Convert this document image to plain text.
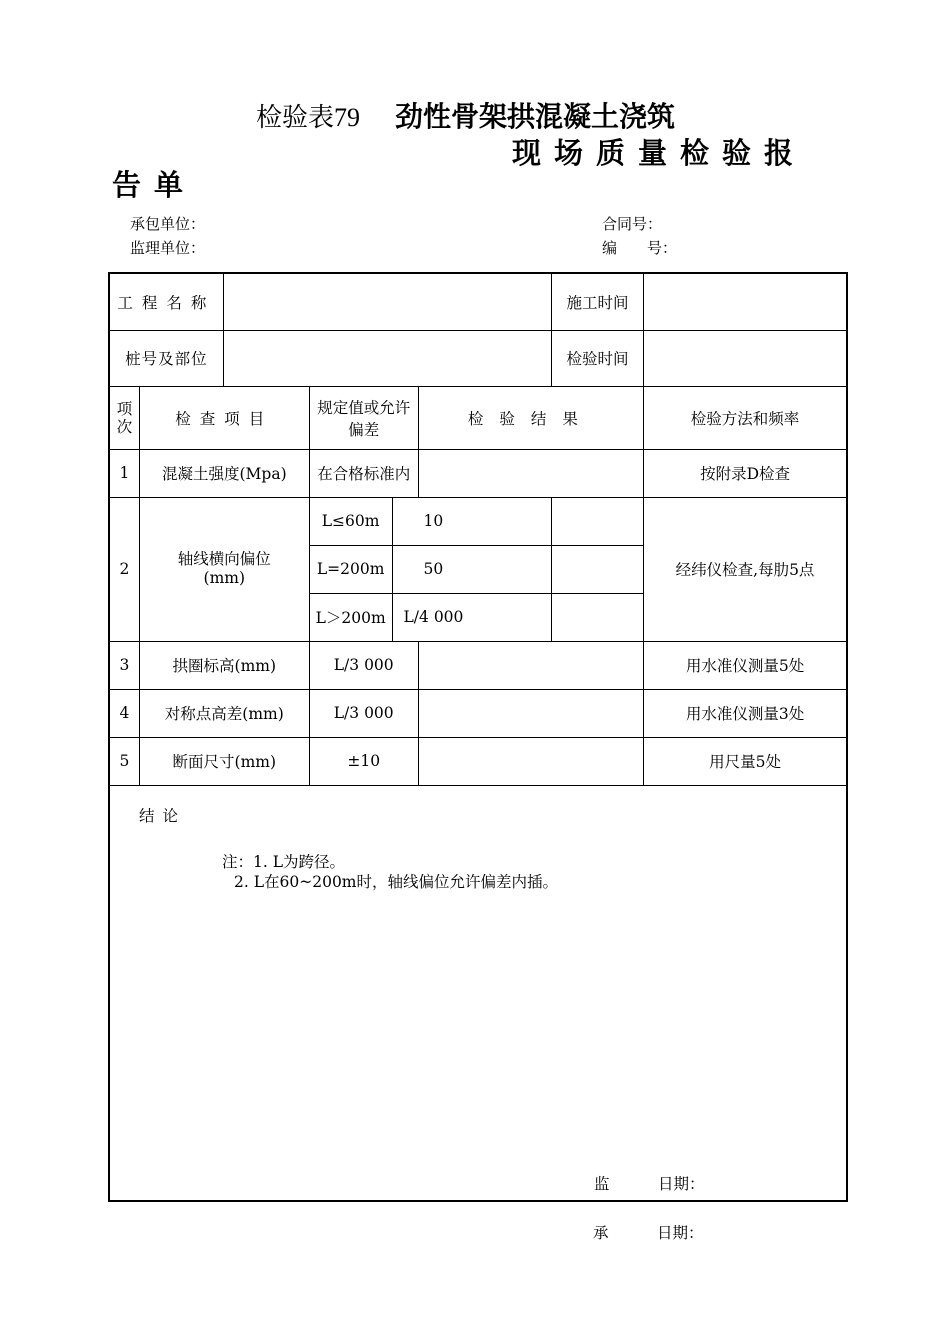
检验表79 劲性骨架拱混凝土浇筑
现场质量检验报
告单
承包单位：	合同号：
监理单位：	编　　号：
工程名称						施工时间	
桩号及部位						检验时间	
项次	检查项目		规定值或允许偏差		检验结果		检验方法和频率
1	混凝土强度(Mpa)		在合格标准内				按附录D检查
2	轴线横向偏位(mm)		L≤60m	10			经纬仪检查,每肋5点
			L=200m	50			
			L＞200m	L/4 000			
3	拱圈标高(mm)		L/3 000				用水准仪测量5处
4	对称点高差(mm)		L/3 000				用水准仪测量3处
5	断面尺寸(mm)		±10				用尺量5处

结论
注：1. L为跨径。
2. L在60~200m时，轴线偏位允许偏差内插。
监 日期：							
承	日期：
